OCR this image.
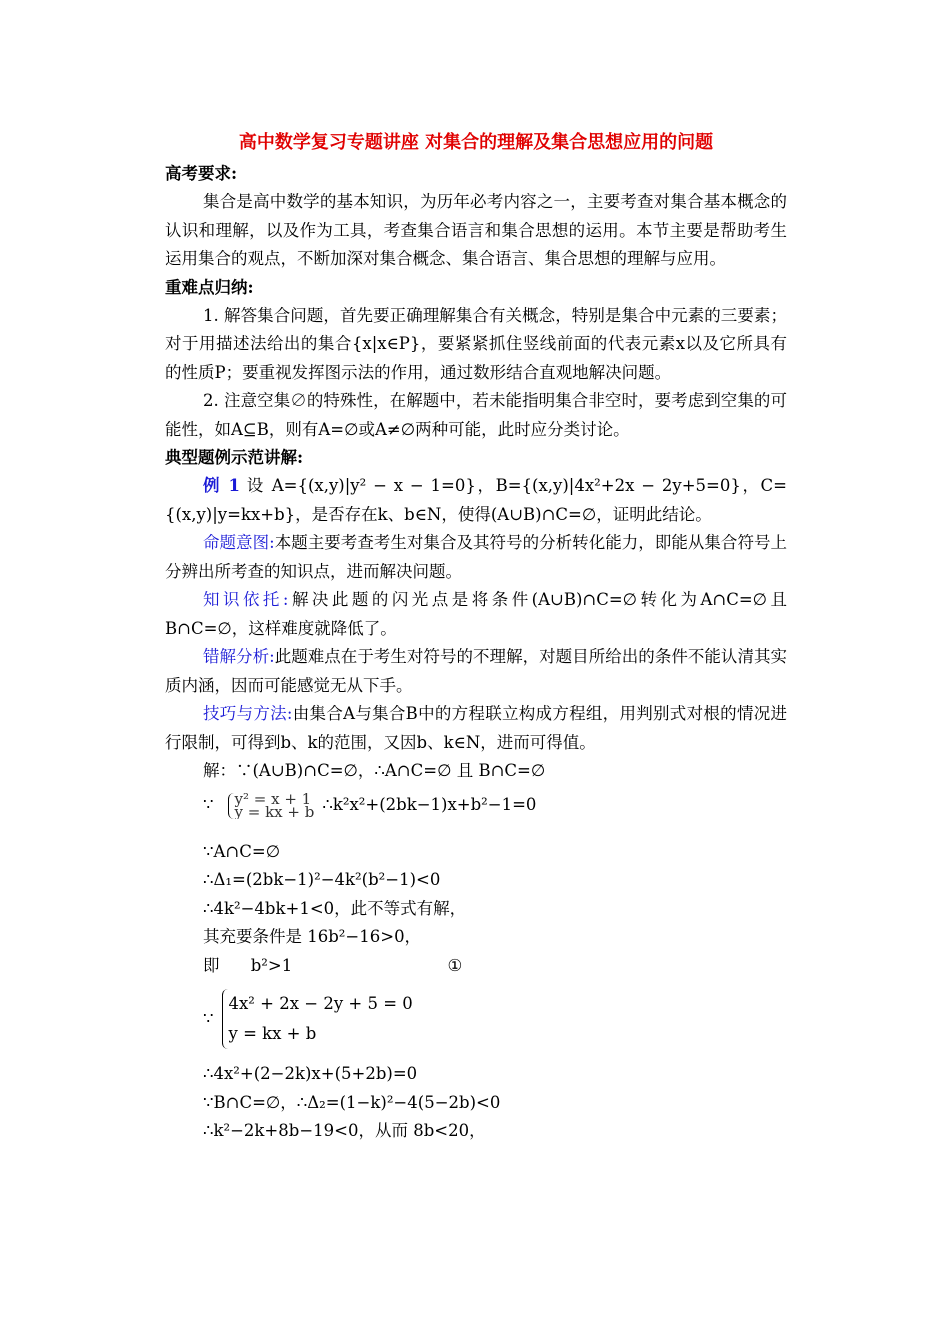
高中数学复习专题讲座 对集合的理解及集合思想应用的问题
高考要求:

集合是高中数学的基本知识，为历年必考内容之一，主要考查对集合基本概念的认识和理解，以及作为工具，考查集合语言和集合思想的运用。本节主要是帮助考生运用集合的观点，不断加深对集合概念、集合语言、集合思想的理解与应用。

重难点归纳:

1. 解答集合问题，首先要正确理解集合有关概念，特别是集合中元素的三要素；对于用描述法给出的集合{x|x∈P}，要紧紧抓住竖线前面的代表元素x以及它所具有的性质P；要重视发挥图示法的作用，通过数形结合直观地解决问题。

2. 注意空集∅的特殊性，在解题中，若未能指明集合非空时，要考虑到空集的可能性，如A⊆B，则有A=∅或A≠∅两种可能，此时应分类讨论。

典型题例示范讲解:

例 1 设 A={(x,y)|y² − x − 1=0}，B={(x,y)|4x²+2x − 2y+5=0}，C={(x,y)|y=kx+b}，是否存在k、b∈N，使得(A∪B)∩C=∅，证明此结论。

命题意图:本题主要考查考生对集合及其符号的分析转化能力，即能从集合符号上分辨出所考查的知识点，进而解决问题。

知识依托:解决此题的闪光点是将条件(A∪B)∩C=∅转化为A∩C=∅且B∩C=∅，这样难度就降低了。

错解分析:此题难点在于考生对符号的不理解，对题目所给出的条件不能认清其实质内涵，因而可能感觉无从下手。

技巧与方法:由集合A与集合B中的方程联立构成方程组，用判别式对根的情况进行限制，可得到b、k的范围，又因b、k∈N，进而可得值。

解：∵(A∪B)∩C=∅，∴A∩C=∅ 且 B∩C=∅
∵ y² = x + 1
y = kx + b ∴k²x²+(2bk−1)x+b²−1=0
∵A∩C=∅
∴Δ₁=(2bk−1)²−4k²(b²−1)<0
∴4k²−4bk+1<0，此不等式有解，
其充要条件是 16b²−16>0，
即 b²>1	①
∵
4x² + 2x − 2y + 5 = 0
y = kx + b
∴4x²+(2−2k)x+(5+2b)=0
∵B∩C=∅，∴Δ₂=(1−k)²−4(5−2b)<0
∴k²−2k+8b−19<0，从而 8b<20，
